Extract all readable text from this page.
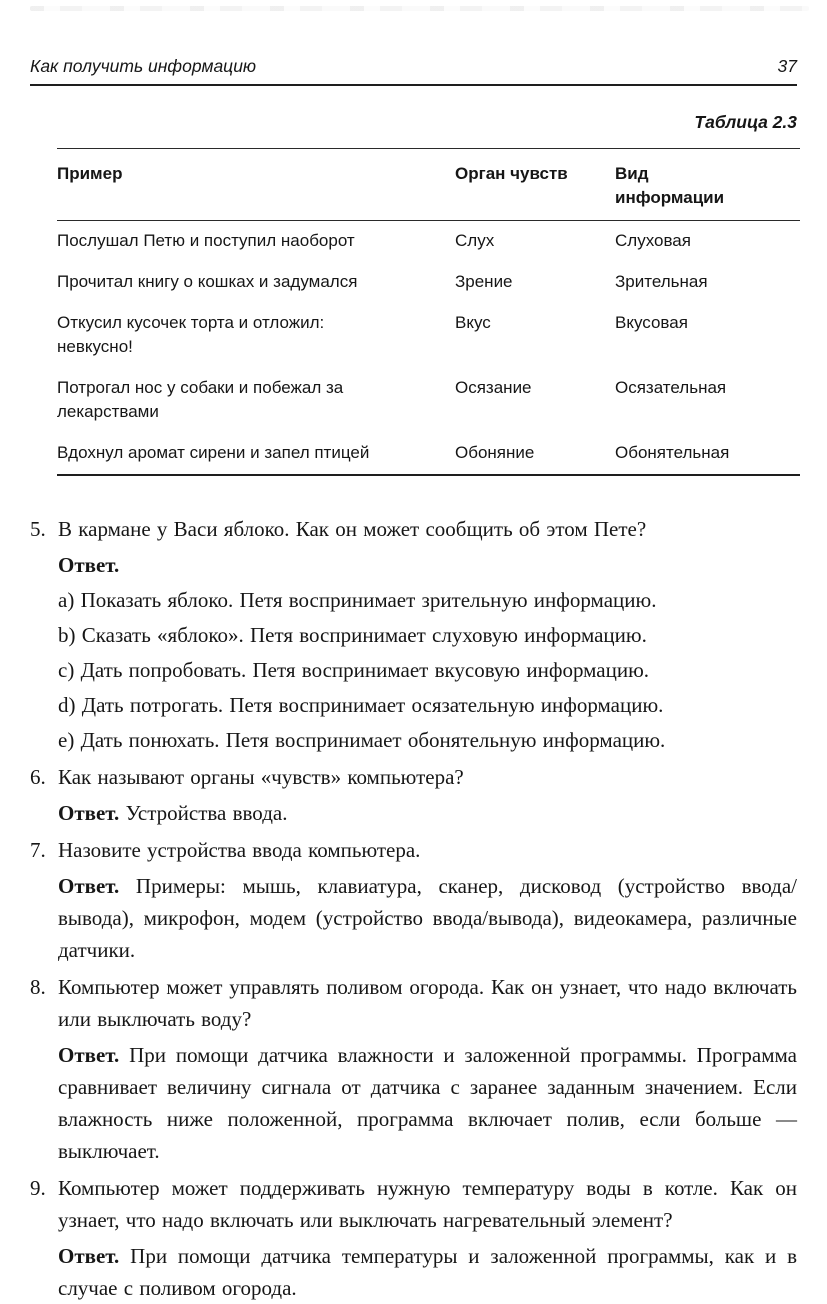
Как получить информацию	37
Таблица 2.3
Пример	Орган чувств	Вид информации
Послушал Петю и поступил наоборот	Слух	Слуховая
Прочитал книгу о кошках и задумался	Зрение	Зрительная
Откусил кусочек торта и отложил: невкусно!	Вкус	Вкусовая
Потрогал нос у собаки и побежал за лекарствами	Осязание	Осязательная
Вдохнул аромат сирени и запел птицей	Обоняние	Обонятельная
5. В кармане у Васи яблоко. Как он может сообщить об этом Пете?

Ответ.

a) Показать яблоко. Петя воспринимает зрительную информацию.

b) Сказать «яблоко». Петя воспринимает слуховую информацию.

c) Дать попробовать. Петя воспринимает вкусовую информацию.

d) Дать потрогать. Петя воспринимает осязательную информацию.

e) Дать понюхать. Петя воспринимает обонятельную информацию.

6. Как называют органы «чувств» компьютера?

Ответ. Устройства ввода.

7. Назовите устройства ввода компьютера.

Ответ. Примеры: мышь, клавиатура, сканер, дисковод (устройство ввода/вывода), микрофон, модем (устройство ввода/вывода), видеокамера, различные датчики.

8. Компьютер может управлять поливом огорода. Как он узнает, что надо включать или выключать воду?

Ответ. При помощи датчика влажности и заложенной программы. Программа сравнивает величину сигнала от датчика с заранее заданным значением. Если влажность ниже положенной, программа включает полив, если больше — выключает.

9. Компьютер может поддерживать нужную температуру воды в котле. Как он узнает, что надо включать или выключать нагревательный элемент?

Ответ. При помощи датчика температуры и заложенной программы, как и в случае с поливом огорода.
